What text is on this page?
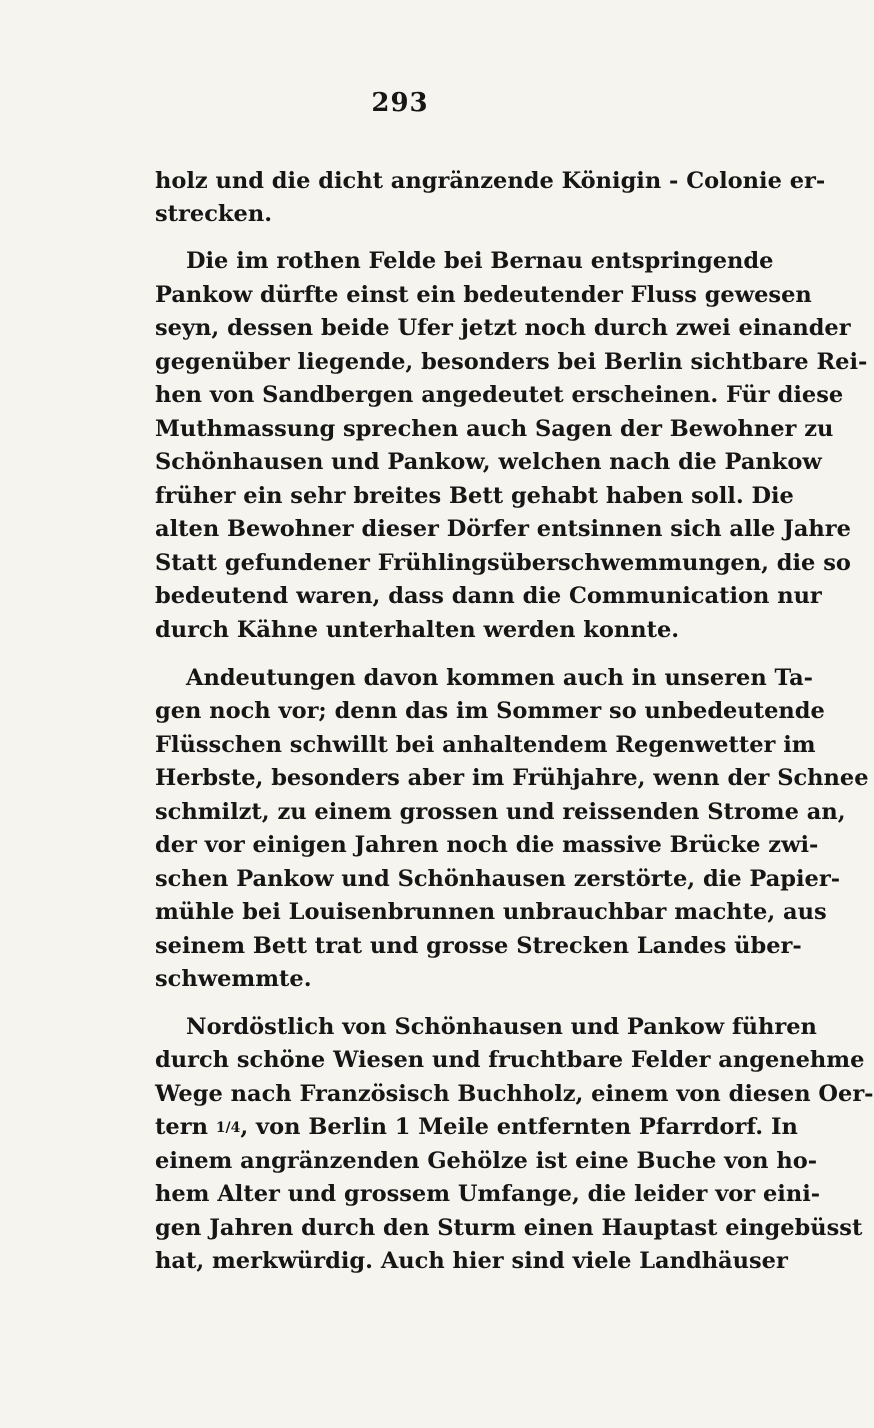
293
holz und die dicht angränzende Königin - Colonie er-
strecken.
Die im rothen Felde bei Bernau entspringende
Pankow dürfte einst ein bedeutender Fluss gewesen
seyn, dessen beide Ufer jetzt noch durch zwei einander
gegenüber liegende, besonders bei Berlin sichtbare Rei-
hen von Sandbergen angedeutet erscheinen. Für diese
Muthmassung sprechen auch Sagen der Bewohner zu
Schönhausen und Pankow, welchen nach die Pankow
früher ein sehr breites Bett gehabt haben soll. Die
alten Bewohner dieser Dörfer entsinnen sich alle Jahre
Statt gefundener Frühlingsüberschwemmungen, die so
bedeutend waren, dass dann die Communication nur
durch Kähne unterhalten werden konnte.
Andeutungen davon kommen auch in unseren Ta-
gen noch vor; denn das im Sommer so unbedeutende
Flüsschen schwillt bei anhaltendem Regenwetter im
Herbste, besonders aber im Frühjahre, wenn der Schnee
schmilzt, zu einem grossen und reissenden Strome an,
der vor einigen Jahren noch die massive Brücke zwi-
schen Pankow und Schönhausen zerstörte, die Papier-
mühle bei Louisenbrunnen unbrauchbar machte, aus
seinem Bett trat und grosse Strecken Landes über-
schwemmte.
Nordöstlich von Schönhausen und Pankow führen
durch schöne Wiesen und fruchtbare Felder angenehme
Wege nach Französisch Buchholz, einem von diesen Oer-
tern 1/4, von Berlin 1 Meile entfernten Pfarrdorf. In
einem angränzenden Gehölze ist eine Buche von ho-
hem Alter und grossem Umfange, die leider vor eini-
gen Jahren durch den Sturm einen Hauptast eingebüsst
hat, merkwürdig. Auch hier sind viele Landhäuser
